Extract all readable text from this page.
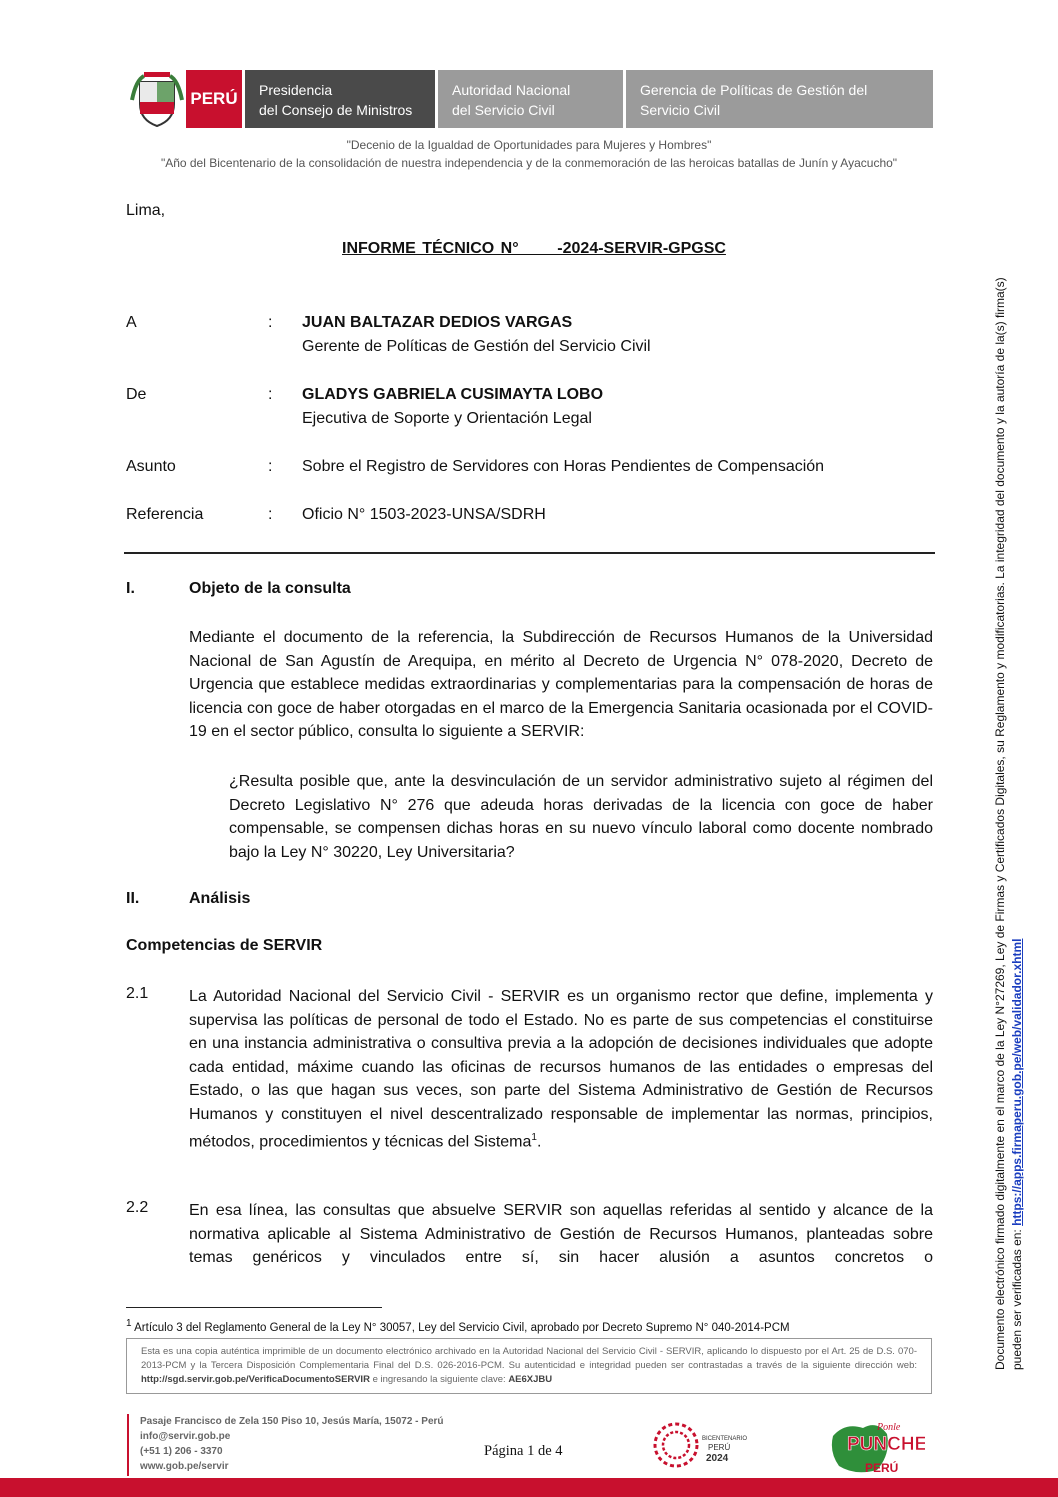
PERÚ Presidencia
del Consejo de Ministros
Autoridad Nacional
del Servicio Civil
Gerencia de Políticas de Gestión del
Servicio Civil
"Decenio de la Igualdad de Oportunidades para Mujeres y Hombres"
"Año del Bicentenario de la consolidación de nuestra independencia y de la conmemoración de las heroicas batallas de Junín y Ayacucho"
Lima,
INFORME TÉCNICO N°      -2024-SERVIR-GPGSC
A	: JUAN BALTAZAR DEDIOS VARGAS
Gerente de Políticas de Gestión del Servicio Civil
De	: GLADYS GABRIELA CUSIMAYTA LOBO
Ejecutiva de Soporte y Orientación Legal
Asunto	: Sobre el Registro de Servidores con Horas Pendientes de Compensación
Referencia	: Oficio N° 1503-2023-UNSA/SDRH
I.	Objeto de la consulta
Mediante el documento de la referencia, la Subdirección de Recursos Humanos de la Universidad Nacional de San Agustín de Arequipa, en mérito al Decreto de Urgencia N° 078-2020, Decreto de Urgencia que establece medidas extraordinarias y complementarias para la compensación de horas de licencia con goce de haber otorgadas en el marco de la Emergencia Sanitaria ocasionada por el COVID-19 en el sector público, consulta lo siguiente a SERVIR:
¿Resulta posible que, ante la desvinculación de un servidor administrativo sujeto al régimen del Decreto Legislativo N° 276 que adeuda horas derivadas de la licencia con goce de haber compensable, se compensen dichas horas en su nuevo vínculo laboral como docente nombrado bajo la Ley N° 30220, Ley Universitaria?
II.	Análisis
Competencias de SERVIR
2.1	La Autoridad Nacional del Servicio Civil - SERVIR es un organismo rector que define, implementa y supervisa las políticas de personal de todo el Estado. No es parte de sus competencias el constituirse en una instancia administrativa o consultiva previa a la adopción de decisiones individuales que adopte cada entidad, máxime cuando las oficinas de recursos humanos de las entidades o empresas del Estado, o las que hagan sus veces, son parte del Sistema Administrativo de Gestión de Recursos Humanos y constituyen el nivel descentralizado responsable de implementar las normas, principios, métodos, procedimientos y técnicas del Sistema$^1$.
2.2	En esa línea, las consultas que absuelve SERVIR son aquellas referidas al sentido y alcance de la normativa aplicable al Sistema Administrativo de Gestión de Recursos Humanos, planteadas sobre temas genéricos y vinculados entre sí, sin hacer alusión a asuntos concretos o
$^1$ Artículo 3 del Reglamento General de la Ley N° 30057, Ley del Servicio Civil, aprobado por Decreto Supremo N° 040-2014-PCM
Esta es una copia auténtica imprimible de un documento electrónico archivado en la Autoridad Nacional del Servicio Civil - SERVIR, aplicando lo dispuesto por el Art. 25 de D.S. 070-2013-PCM y la Tercera Disposición Complementaria Final del D.S. 026-2016-PCM. Su autenticidad e integridad pueden ser contrastadas a través de la siguiente dirección web: http://sgd.servir.gob.pe/VerificaDocumentoSERVIR e ingresando la siguiente clave: AE6XJBU
Pasaje Francisco de Zela 150 Piso 10, Jesús María, 15072 - Perú
info@servir.gob.pe
(+51 1) 206 - 3370
www.gob.pe/servir
Página 1 de 4
BICENTENARIO
PERÚ
2024
Ponle
PUNCHE
PERÚ
Documento electrónico firmado digitalmente en el marco de la Ley N°27269, Ley de Firmas y Certificados Digitales, su Reglamento y modificatorias. La integridad del documento y la autoría de la(s) firma(s) pueden ser verificadas en: https://apps.firmaperu.gob.pe/web/validador.xhtml
